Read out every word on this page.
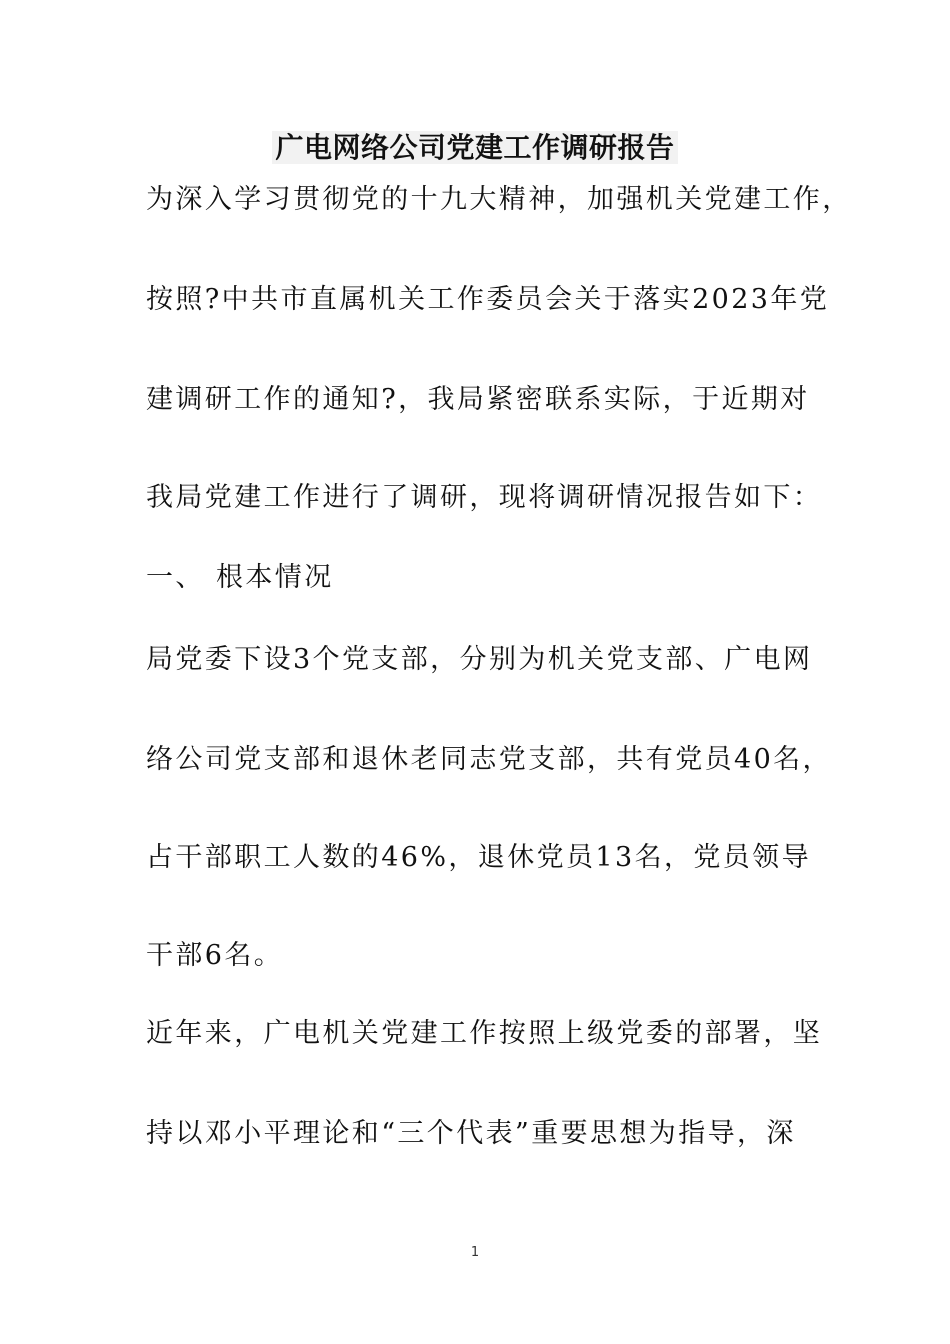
广电网络公司党建工作调研报告
为深入学习贯彻党的十九大精神，加强机关党建工作，
按照?中共市直属机关工作委员会关于落实2023年党
建调研工作的通知?，我局紧密联系实际，于近期对
我局党建工作进行了调研，现将调研情况报告如下：
一、 根本情况
局党委下设3个党支部，分别为机关党支部、广电网
络公司党支部和退休老同志党支部，共有党员40名，
占干部职工人数的46%，退休党员13名，党员领导
干部6名。
近年来，广电机关党建工作按照上级党委的部署，坚
持以邓小平理论和“三个代表”重要思想为指导，深
1
